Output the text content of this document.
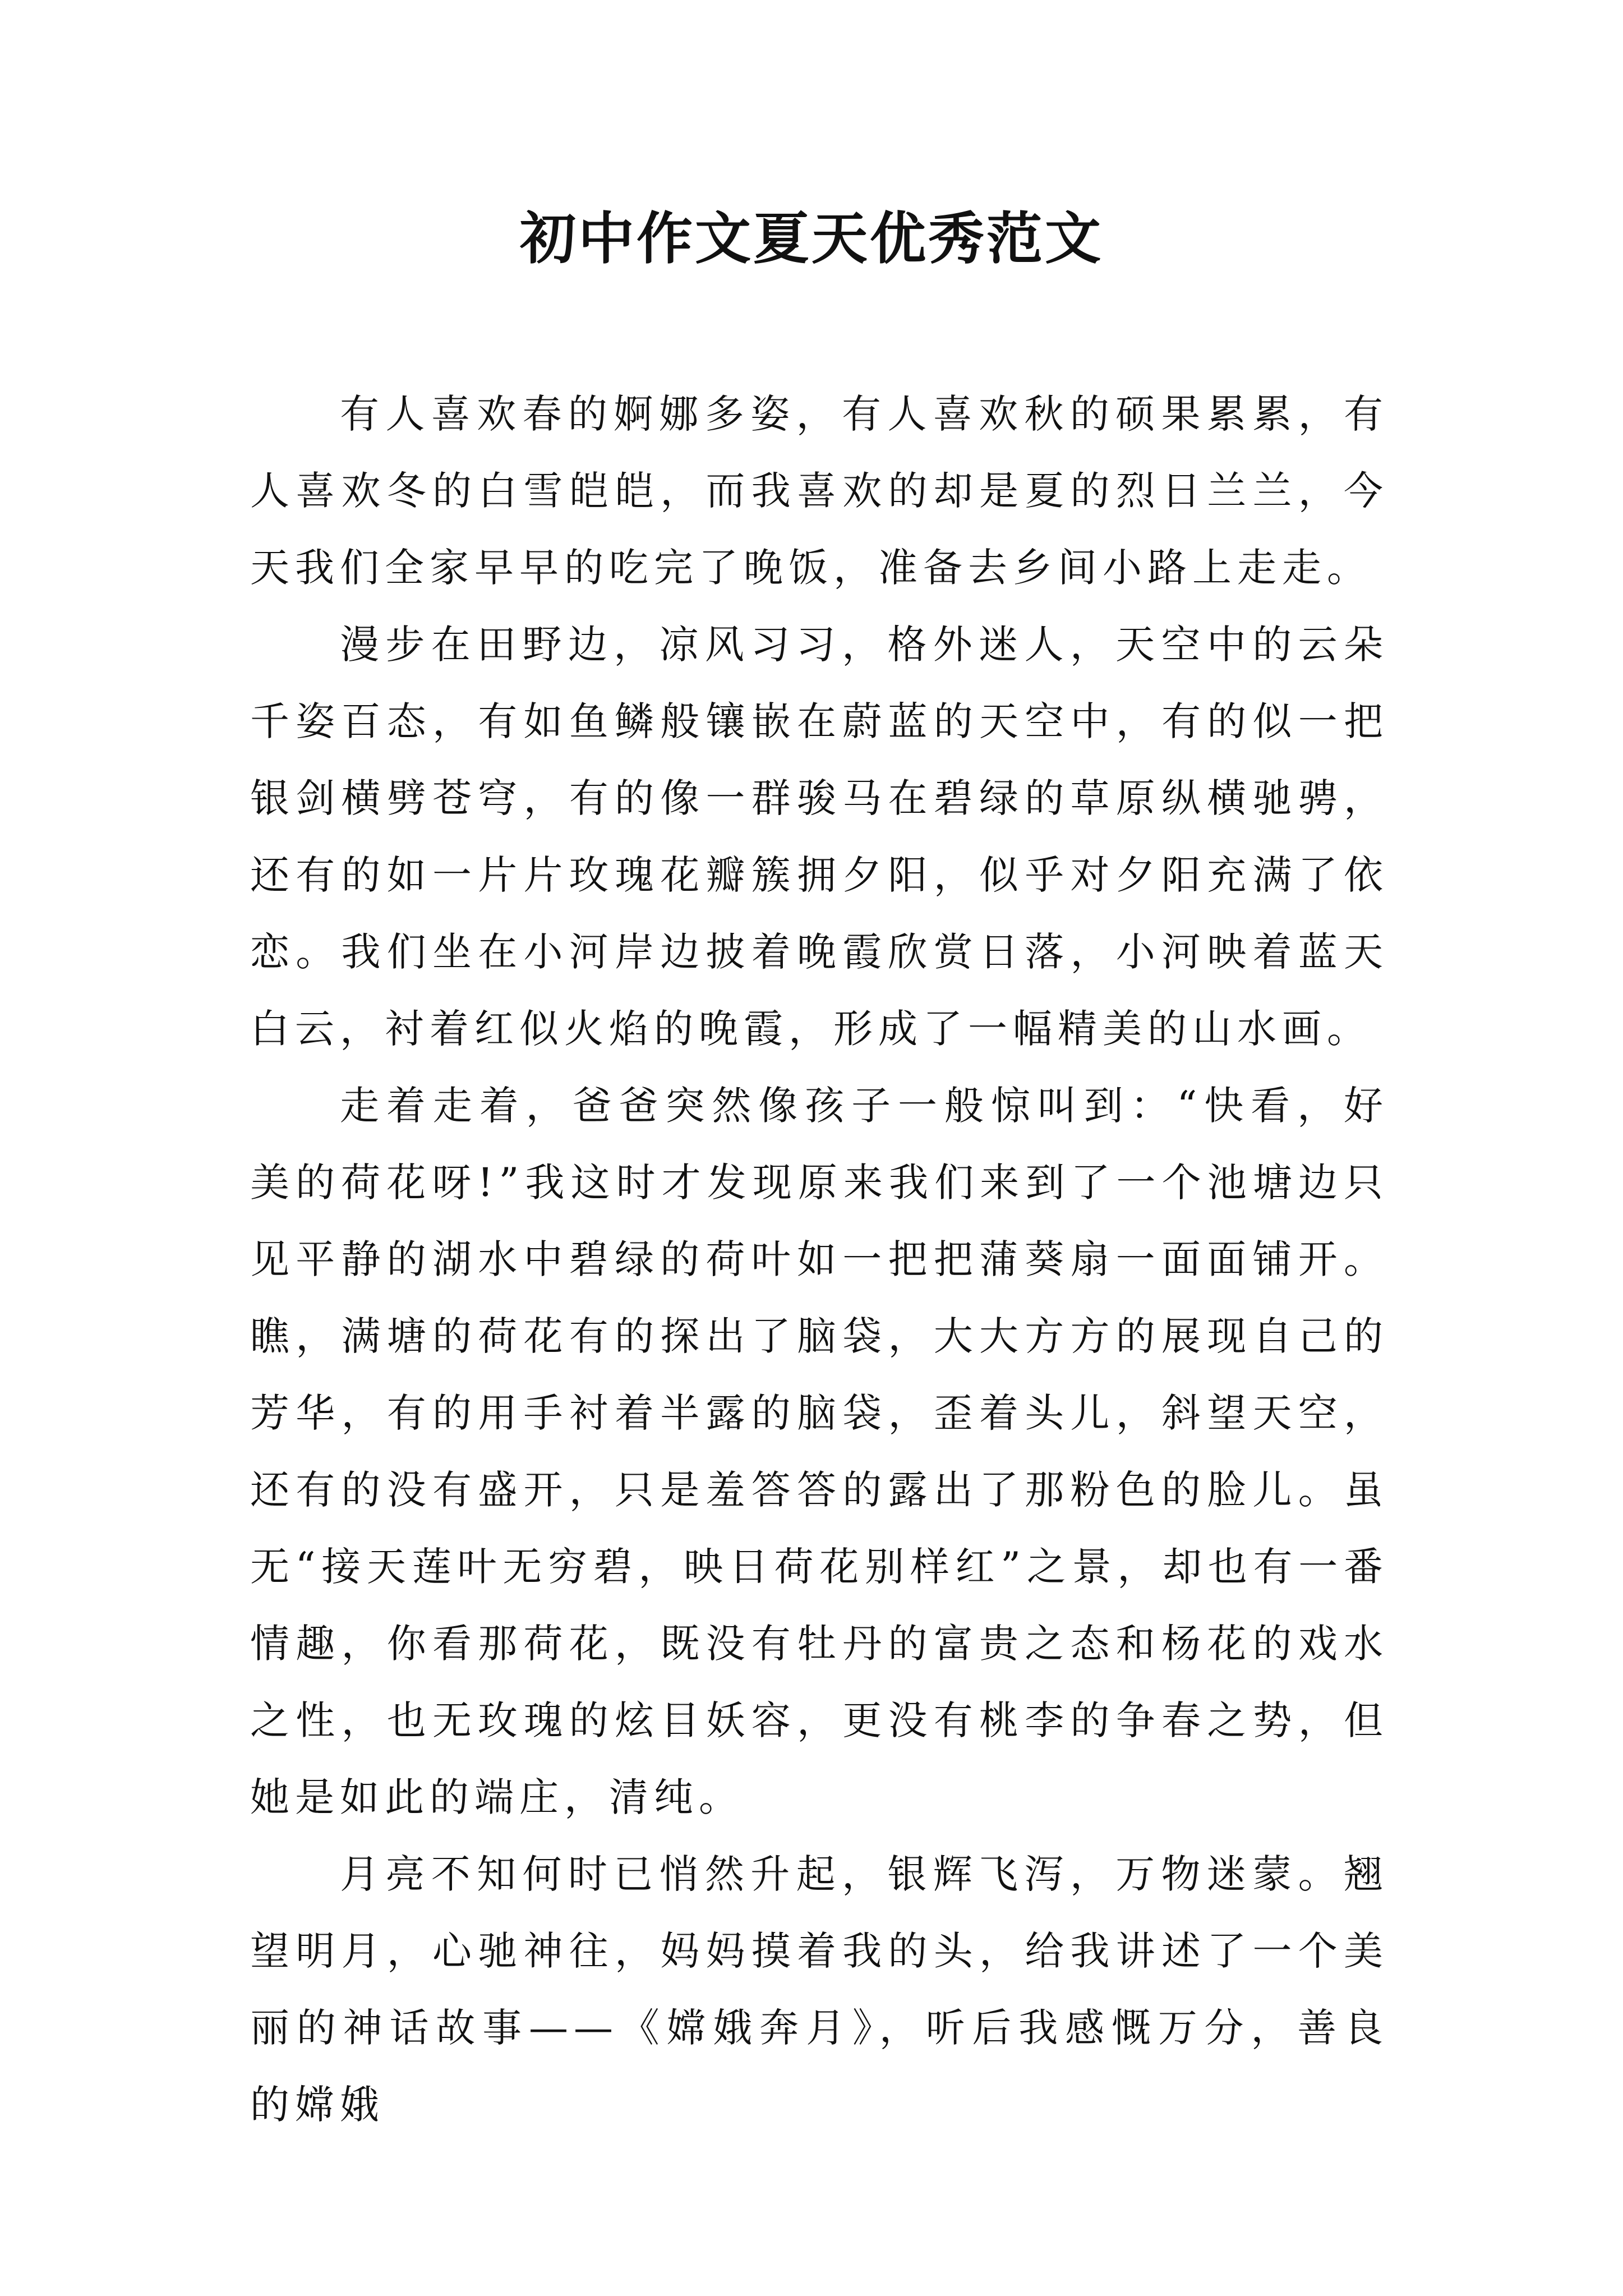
初中作文夏天优秀范文

有人喜欢春的婀娜多姿，有人喜欢秋的硕果累累，有人喜欢冬的白雪皑皑，而我喜欢的却是夏的烈日兰兰，今天我们全家早早的吃完了晚饭，准备去乡间小路上走走。

漫步在田野边，凉风习习，格外迷人，天空中的云朵千姿百态，有如鱼鳞般镶嵌在蔚蓝的天空中，有的似一把银剑横劈苍穹，有的像一群骏马在碧绿的草原纵横驰骋，还有的如一片片玫瑰花瓣簇拥夕阳，似乎对夕阳充满了依恋。我们坐在小河岸边披着晚霞欣赏日落，小河映着蓝天白云，衬着红似火焰的晚霞，形成了一幅精美的山水画。

走着走着，爸爸突然像孩子一般惊叫到：“快看，好美的荷花呀!”我这时才发现原来我们来到了一个池塘边只见平静的湖水中碧绿的荷叶如一把把蒲葵扇一面面铺开。瞧，满塘的荷花有的探出了脑袋，大大方方的展现自己的芳华，有的用手衬着半露的脑袋，歪着头儿，斜望天空，还有的没有盛开，只是羞答答的露出了那粉色的脸儿。虽无“接天莲叶无穷碧，映日荷花别样红”之景，却也有一番情趣，你看那荷花，既没有牡丹的富贵之态和杨花的戏水之性，也无玫瑰的炫目妖容，更没有桃李的争春之势，但她是如此的端庄，清纯。

月亮不知何时已悄然升起，银辉飞泻，万物迷蒙。翘望明月，心驰神往，妈妈摸着我的头，给我讲述了一个美丽的神话故事——《嫦娥奔月》，听后我感慨万分，善良的嫦娥
